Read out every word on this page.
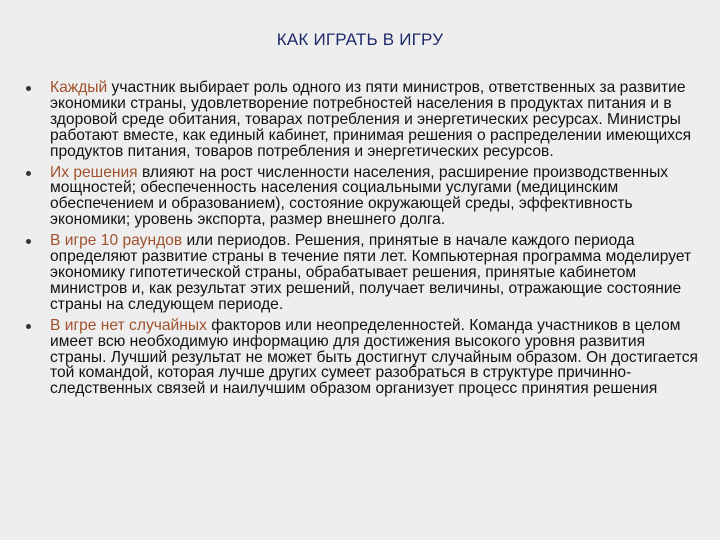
КАК ИГРАТЬ В ИГРУ
Каждый участник выбирает роль одного из пяти министров, ответственных за развитие экономики страны, удовлетворение потребностей населения в продуктах питания и в здоровой среде обитания, товарах потребления и энергетических ресурсах. Министры работают вместе, как единый кабинет, принимая решения о распределении имеющихся продуктов питания, товаров потребления и энергетических ресурсов.
Их решения влияют на рост численности населения, расширение производственных мощностей; обеспеченность населения социальными услугами (медицинским обеспечением и образованием), состояние окружающей среды, эффективность экономики; уровень экспорта, размер внешнего долга.
В игре 10 раундов или периодов. Решения, принятые в начале каждого периода определяют развитие страны в течение пяти лет. Компьютерная программа моделирует экономику гипотетической страны, обрабатывает решения, принятые кабинетом министров и, как результат этих решений, получает величины, отражающие состояние страны на следующем периоде.
В игре нет случайных факторов или неопределенностей. Команда участников в целом имеет всю необходимую информацию для достижения высокого уровня развития страны. Лучший результат не может быть достигнут случайным образом. Он достигается той командой, которая лучше других сумеет разобраться в структуре причинно-следственных связей и наилучшим образом организует процесс принятия решения
